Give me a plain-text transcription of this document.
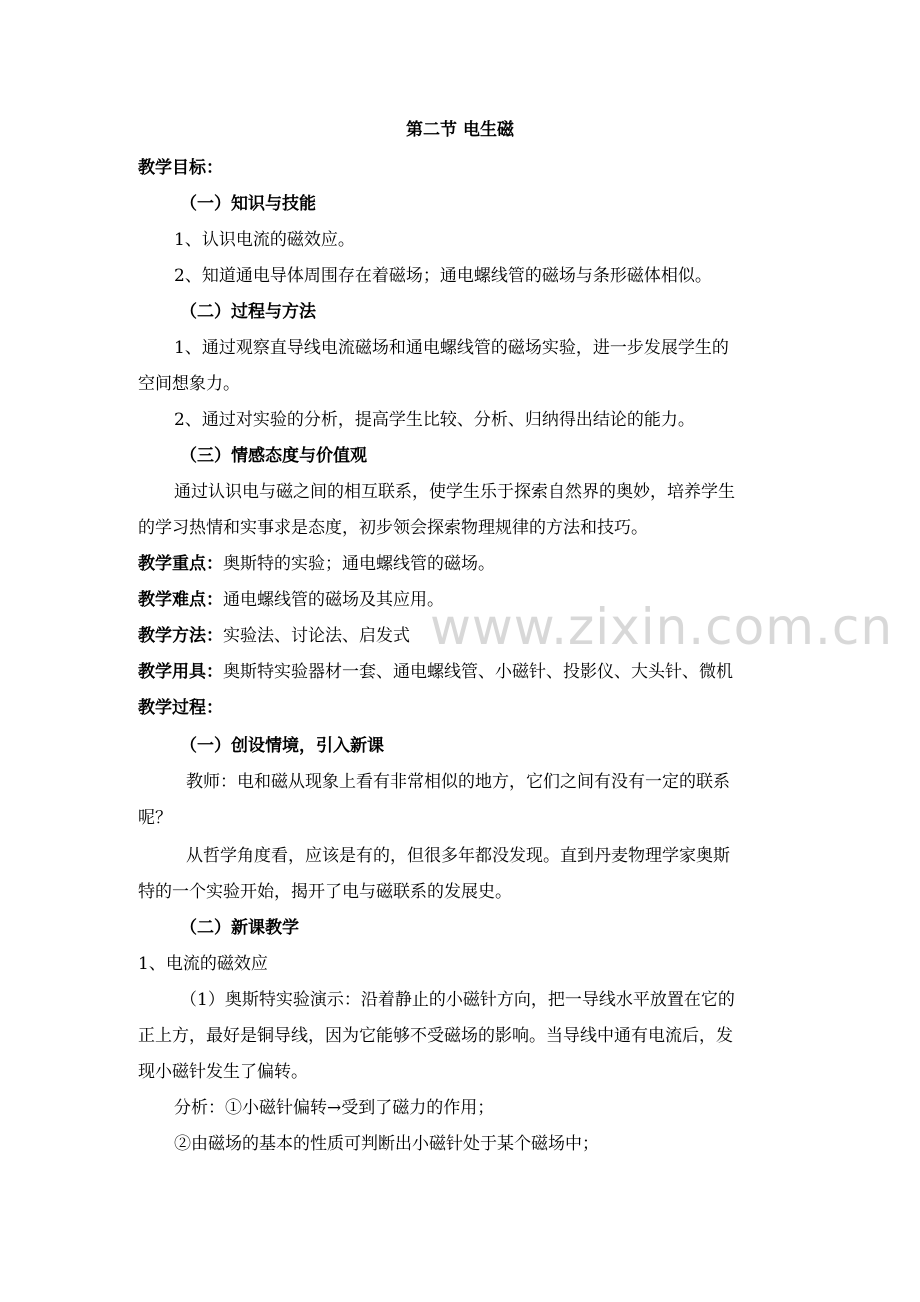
www.zixin.com.cn
第二节 电生磁
教学目标：
（一）知识与技能
1、认识电流的磁效应。
2、知道通电导体周围存在着磁场；通电螺线管的磁场与条形磁体相似。
（二）过程与方法
1、通过观察直导线电流磁场和通电螺线管的磁场实验，进一步发展学生的
空间想象力。
2、通过对实验的分析，提高学生比较、分析、归纳得出结论的能力。
（三）情感态度与价值观
通过认识电与磁之间的相互联系，使学生乐于探索自然界的奥妙，培养学生
的学习热情和实事求是态度，初步领会探索物理规律的方法和技巧。
教学重点：奥斯特的实验；通电螺线管的磁场。
教学难点：通电螺线管的磁场及其应用。
教学方法：实验法、讨论法、启发式
教学用具：奥斯特实验器材一套、通电螺线管、小磁针、投影仪、大头针、微机
教学过程：
（一）创设情境，引入新课
教师：电和磁从现象上看有非常相似的地方，它们之间有没有一定的联系
呢？
从哲学角度看，应该是有的，但很多年都没发现。直到丹麦物理学家奥斯
特的一个实验开始，揭开了电与磁联系的发展史。
（二）新课教学
1、电流的磁效应
（1）奥斯特实验演示：沿着静止的小磁针方向，把一导线水平放置在它的
正上方，最好是铜导线，因为它能够不受磁场的影响。当导线中通有电流后，发
现小磁针发生了偏转。
分析：①小磁针偏转→受到了磁力的作用；
②由磁场的基本的性质可判断出小磁针处于某个磁场中；
